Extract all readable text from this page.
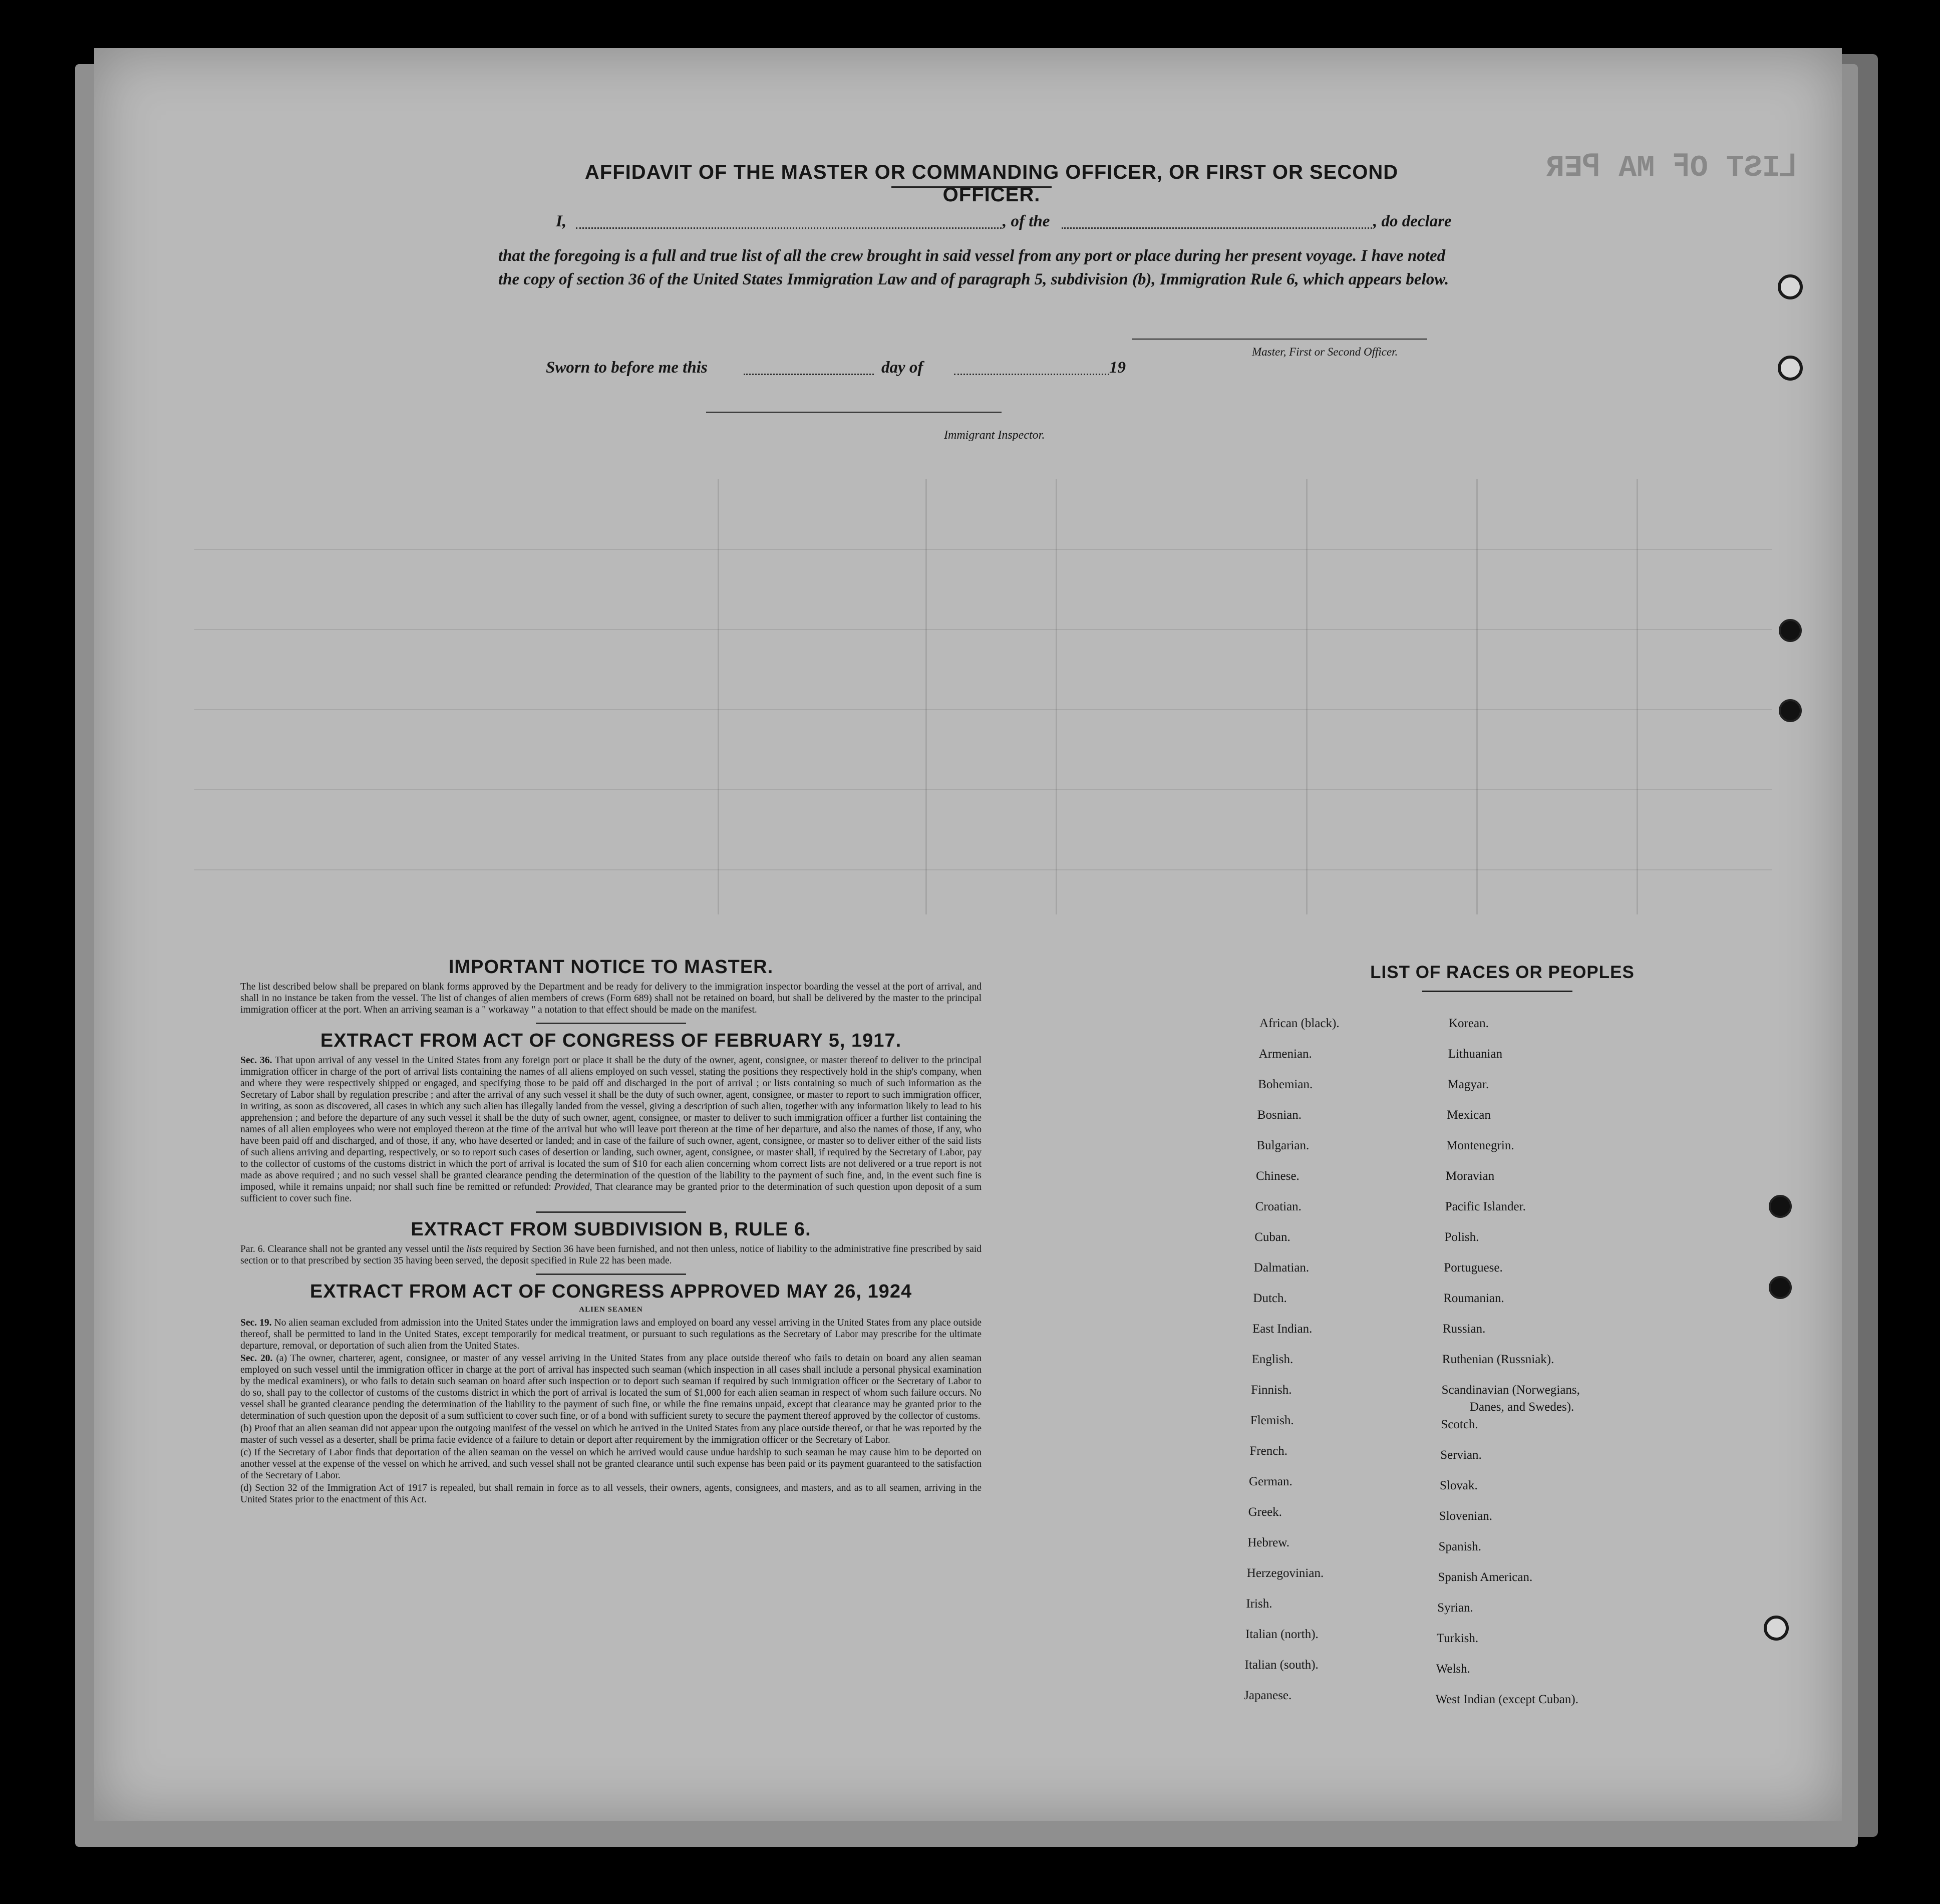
ЯƎꟼ AM ꟻO TƧI⅃
AFFIDAVIT OF THE MASTER OR COMMANDING OFFICER, OR FIRST OR SECOND OFFICER.
I,	, of the	, do declare
that the foregoing is a full and true list of all the crew brought in said vessel from any port or place during her present voyage. I have noted the copy of section 36 of the United States Immigration Law and of paragraph 5, subdivision (b), Immigration Rule 6, which appears below.
Master, First or Second Officer.
Sworn to before me this	day of	19
Immigrant Inspector.

IMPORTANT NOTICE TO MASTER.

The list described below shall be prepared on blank forms approved by the Department and be ready for delivery to the immigration inspector boarding the vessel at the port of arrival, and shall in no instance be taken from the vessel. The list of changes of alien members of crews (Form 689) shall not be retained on board, but shall be delivered by the master to the principal immigration officer at the port. When an arriving seaman is a " workaway " a notation to that effect should be made on the manifest.

EXTRACT FROM ACT OF CONGRESS OF FEBRUARY 5, 1917.

Sec. 36. That upon arrival of any vessel in the United States from any foreign port or place it shall be the duty of the owner, agent, consignee, or master thereof to deliver to the principal immigration officer in charge of the port of arrival lists containing the names of all aliens employed on such vessel, stating the positions they respectively hold in the ship's company, when and where they were respectively shipped or engaged, and specifying those to be paid off and discharged in the port of arrival ; or lists containing so much of such information as the Secretary of Labor shall by regulation prescribe ; and after the arrival of any such vessel it shall be the duty of such owner, agent, consignee, or master to report to such immigration officer, in writing, as soon as discovered, all cases in which any such alien has illegally landed from the vessel, giving a description of such alien, together with any information likely to lead to his apprehension ; and before the departure of any such vessel it shall be the duty of such owner, agent, consignee, or master to deliver to such immigration officer a further list containing the names of all alien employees who were not employed thereon at the time of the arrival but who will leave port thereon at the time of her departure, and also the names of those, if any, who have been paid off and discharged, and of those, if any, who have deserted or landed; and in case of the failure of such owner, agent, consignee, or master so to deliver either of the said lists of such aliens arriving and departing, respectively, or so to report such cases of desertion or landing, such owner, agent, consignee, or master shall, if required by the Secretary of Labor, pay to the collector of customs of the customs district in which the port of arrival is located the sum of $10 for each alien concerning whom correct lists are not delivered or a true report is not made as above required ; and no such vessel shall be granted clearance pending the determination of the question of the liability to the payment of such fine, and, in the event such fine is imposed, while it remains unpaid; nor shall such fine be remitted or refunded: Provided, That clearance may be granted prior to the determination of such question upon deposit of a sum sufficient to cover such fine.

EXTRACT FROM SUBDIVISION B, RULE 6.

Par. 6. Clearance shall not be granted any vessel until the lists required by Section 36 have been furnished, and not then unless, notice of liability to the administrative fine prescribed by said section or to that prescribed by section 35 having been served, the deposit specified in Rule 22 has been made.

EXTRACT FROM ACT OF CONGRESS APPROVED MAY 26, 1924

ALIEN SEAMEN

Sec. 19. No alien seaman excluded from admission into the United States under the immigration laws and employed on board any vessel arriving in the United States from any place outside thereof, shall be permitted to land in the United States, except temporarily for medical treatment, or pursuant to such regulations as the Secretary of Labor may prescribe for the ultimate departure, removal, or deportation of such alien from the United States.

Sec. 20. (a) The owner, charterer, agent, consignee, or master of any vessel arriving in the United States from any place outside thereof who fails to detain on board any alien seaman employed on such vessel until the immigration officer in charge at the port of arrival has inspected such seaman (which inspection in all cases shall include a personal physical examination by the medical examiners), or who fails to detain such seaman on board after such inspection or to deport such seaman if required by such immigration officer or the Secretary of Labor to do so, shall pay to the collector of customs of the customs district in which the port of arrival is located the sum of $1,000 for each alien seaman in respect of whom such failure occurs. No vessel shall be granted clearance pending the determination of the liability to the payment of such fine, or while the fine remains unpaid, except that clearance may be granted prior to the determination of such question upon the deposit of a sum sufficient to cover such fine, or of a bond with sufficient surety to secure the payment thereof approved by the collector of customs.

(b) Proof that an alien seaman did not appear upon the outgoing manifest of the vessel on which he arrived in the United States from any place outside thereof, or that he was reported by the master of such vessel as a deserter, shall be prima facie evidence of a failure to detain or deport after requirement by the immigration officer or the Secretary of Labor.

(c) If the Secretary of Labor finds that deportation of the alien seaman on the vessel on which he arrived would cause undue hardship to such seaman he may cause him to be deported on another vessel at the expense of the vessel on which he arrived, and such vessel shall not be granted clearance until such expense has been paid or its payment guaranteed to the satisfaction of the Secretary of Labor.

(d) Section 32 of the Immigration Act of 1917 is repealed, but shall remain in force as to all vessels, their owners, agents, consignees, and masters, and as to all seamen, arriving in the United States prior to the enactment of this Act.

LIST OF RACES OR PEOPLES
African (black).
Armenian.
Bohemian.
Bosnian.
Bulgarian.
Chinese.
Croatian.
Cuban.
Dalmatian.
Dutch.
East Indian.
English.
Finnish.
Flemish.
French.
German.
Greek.
Hebrew.
Herzegovinian.
Irish.
Italian (north).
Italian (south).
Japanese.
Korean.
Lithuanian
Magyar.
Mexican
Montenegrin.
Moravian
Pacific Islander.
Polish.
Portuguese.
Roumanian.
Russian.
Ruthenian (Russniak).
Scandinavian (Norwegians,
Danes, and Swedes).
Scotch.
Servian.
Slovak.
Slovenian.
Spanish.
Spanish American.
Syrian.
Turkish.
Welsh.
West Indian (except Cuban).
